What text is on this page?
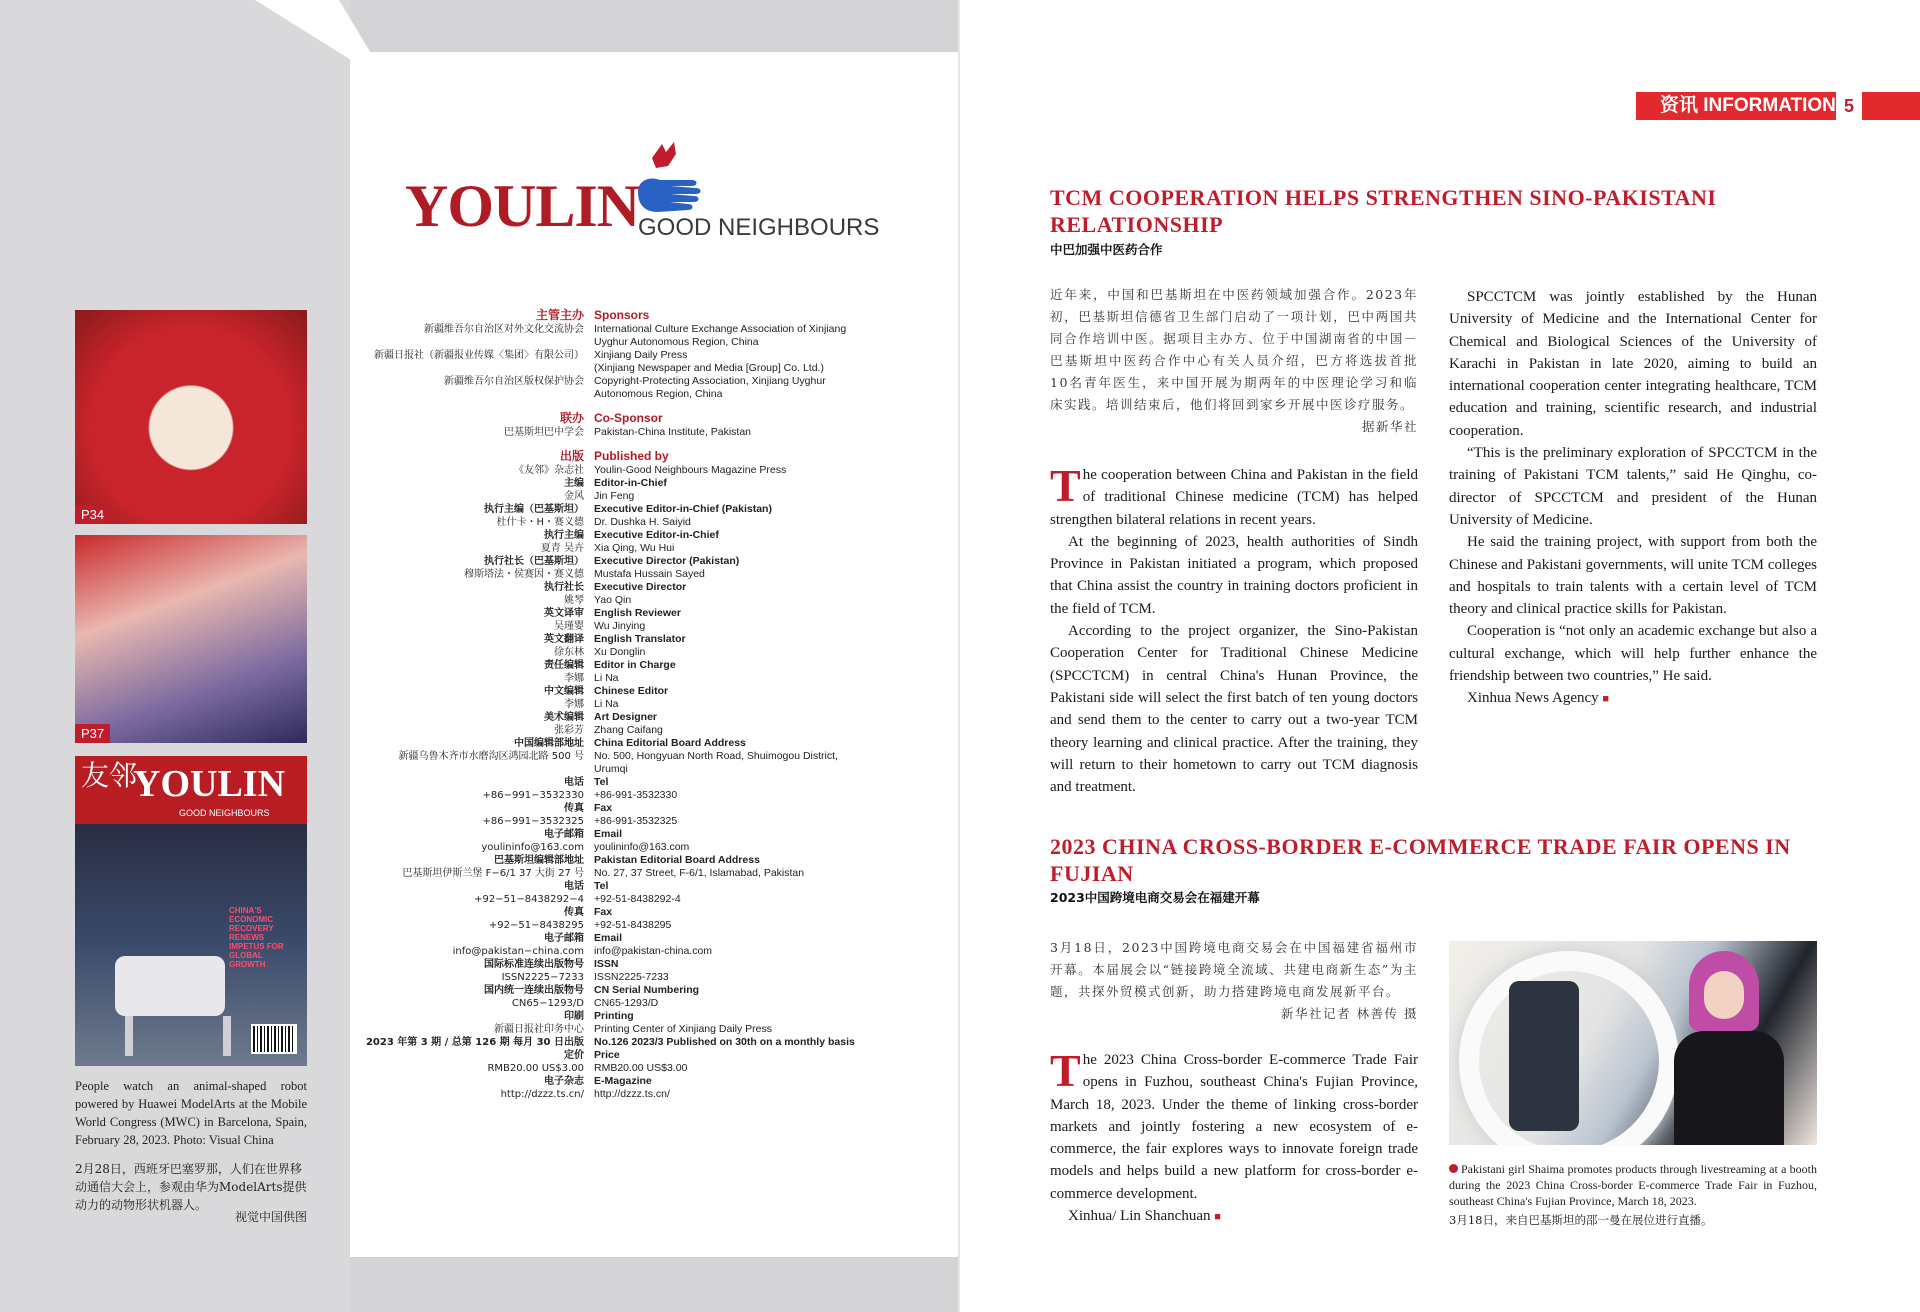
P34
P37
友邻
YOULIN
GOOD NEIGHBOURS
CHINA'S ECONOMIC RECOVERY RENEWS IMPETUS FOR GLOBAL GROWTH

People watch an animal-shaped robot powered by Huawei ModelArts at the Mobile World Congress (MWC) in Barcelona, Spain, February 28, 2023. Photo: Visual China

2月28日，西班牙巴塞罗那，人们在世界移动通信大会上，参观由华为ModelArts提供动力的动物形状机器人。

视觉中国供图

YOULIN
GOOD NEIGHBOURS
主管主办 Sponsors
新疆维吾尔自治区对外文化交流协会 International Culture Exchange Association of Xinjiang
Uyghur Autonomous Region, China
新疆日报社（新疆报业传媒〈集团〉有限公司） Xinjiang Daily Press
(Xinjiang Newspaper and Media [Group] Co. Ltd.)
新疆维吾尔自治区版权保护协会 Copyright-Protecting Association, Xinjiang Uyghur
Autonomous Region, China
联办 Co-Sponsor
巴基斯坦巴中学会 Pakistan-China Institute, Pakistan
出版 Published by
《友邻》杂志社 Youlin-Good Neighbours Magazine Press
主编 Editor-in-Chief
金风 Jin Feng
执行主编（巴基斯坦） Executive Editor-in-Chief (Pakistan)
杜什卡・H・赛义德 Dr. Dushka H. Saiyid
执行主编 Executive Editor-in-Chief
夏青 吴卉 Xia Qing, Wu Hui
执行社长（巴基斯坦） Executive Director (Pakistan)
穆斯塔法・侯赛因・赛义德 Mustafa Hussain Sayed
执行社长 Executive Director
姚琴 Yao Qin
英文译审 English Reviewer
吴瑾婴 Wu Jinying
英文翻译 English Translator
徐东林 Xu Donglin
责任编辑 Editor in Charge
李娜 Li Na
中文编辑 Chinese Editor
李娜 Li Na
美术编辑 Art Designer
张彩芳 Zhang Caifang
中国编辑部地址 China Editorial Board Address
新疆乌鲁木齐市水磨沟区鸿园北路 500 号 No. 500, Hongyuan North Road, Shuimogou District,
Urumqi
电话 Tel
+86−991−3532330 +86-991-3532330
传真 Fax
+86−991−3532325 +86-991-3532325
电子邮箱 Email
youlininfo@163.com youlininfo@163.com
巴基斯坦编辑部地址 Pakistan Editorial Board Address
巴基斯坦伊斯兰堡 F−6/1 37 大街 27 号 No. 27, 37 Street, F-6/1, Islamabad, Pakistan
电话 Tel
+92−51−8438292−4 +92-51-8438292-4
传真 Fax
+92−51−8438295 +92-51-8438295
电子邮箱 Email
info@pakistan−china.com info@pakistan-china.com
国际标准连续出版物号 ISSN
ISSN2225−7233 ISSN2225-7233
国内统一连续出版物号 CN Serial Numbering
CN65−1293/D CN65-1293/D
印刷 Printing
新疆日报社印务中心 Printing Center of Xinjiang Daily Press
2023 年第 3 期 / 总第 126 期 每月 30 日出版 No.126 2023/3 Published on 30th on a monthly basis
定价 Price
RMB20.00 US$3.00 RMB20.00 US$3.00
电子杂志 E-Magazine
http://dzzz.ts.cn/ http://dzzz.ts.cn/
资讯 INFORMATION 5
TCM COOPERATION HELPS STRENGTHEN SINO-PAKISTANI RELATIONSHIP
中巴加强中医药合作
近年来，中国和巴基斯坦在中医药领域加强合作。2023年初，巴基斯坦信德省卫生部门启动了一项计划，巴中两国共同合作培训中医。据项目主办方、位于中国湖南省的中国－巴基斯坦中医药合作中心有关人员介绍，巴方将选拔首批10名青年医生，来中国开展为期两年的中医理论学习和临床实践。培训结束后，他们将回到家乡开展中医诊疗服务。
据新华社

The cooperation between China and Pakistan in the field of traditional Chinese medicine (TCM) has helped strengthen bilateral relations in recent years.

At the beginning of 2023, health authorities of Sindh Province in Pakistan initiated a program, which proposed that China assist the country in training doctors proficient in the field of TCM.

According to the project organizer, the Sino-Pakistan Cooperation Center for Traditional Chinese Medicine (SPCCTCM) in central China's Hunan Province, the Pakistani side will select the first batch of ten young doctors and send them to the center to carry out a two-year TCM theory learning and clinical practice. After the training, they will return to their hometown to carry out TCM diagnosis and treatment.

SPCCTCM was jointly established by the Hunan University of Medicine and the International Center for Chemical and Biological Sciences of the University of Karachi in Pakistan in late 2020, aiming to build an international cooperation center integrating healthcare, TCM education and training, scientific research, and industrial cooperation.

“This is the preliminary exploration of SPCCTCM in the training of Pakistani TCM talents,” said He Qinghu, co-director of SPCCTCM and president of the Hunan University of Medicine.

He said the training project, with support from both the Chinese and Pakistani governments, will unite TCM colleges and hospitals to train talents with a certain level of TCM theory and clinical practice skills for Pakistan.

Cooperation is “not only an academic exchange but also a cultural exchange, which will help further enhance the friendship between two countries,” He said.

Xinhua News Agency ■

2023 CHINA CROSS-BORDER E-COMMERCE TRADE FAIR OPENS IN FUJIAN
2023中国跨境电商交易会在福建开幕
3月18日，2023中国跨境电商交易会在中国福建省福州市开幕。本届展会以“链接跨境全流域、共建电商新生态”为主题，共探外贸模式创新，助力搭建跨境电商发展新平台。
新华社记者 林善传 摄

The 2023 China Cross-border E-commerce Trade Fair opens in Fuzhou, southeast China's Fujian Province, March 18, 2023. Under the theme of linking cross-border markets and jointly fostering a new ecosystem of e-commerce, the fair explores ways to innovate foreign trade models and helps build a new platform for cross-border e-commerce development.

Xinhua/ Lin Shanchuan ■

Pakistani girl Shaima promotes products through livestreaming at a booth during the 2023 China Cross-border E-commerce Trade Fair in Fuzhou, southeast China's Fujian Province, March 18, 2023.

3月18日，来自巴基斯坦的邵一曼在展位进行直播。
